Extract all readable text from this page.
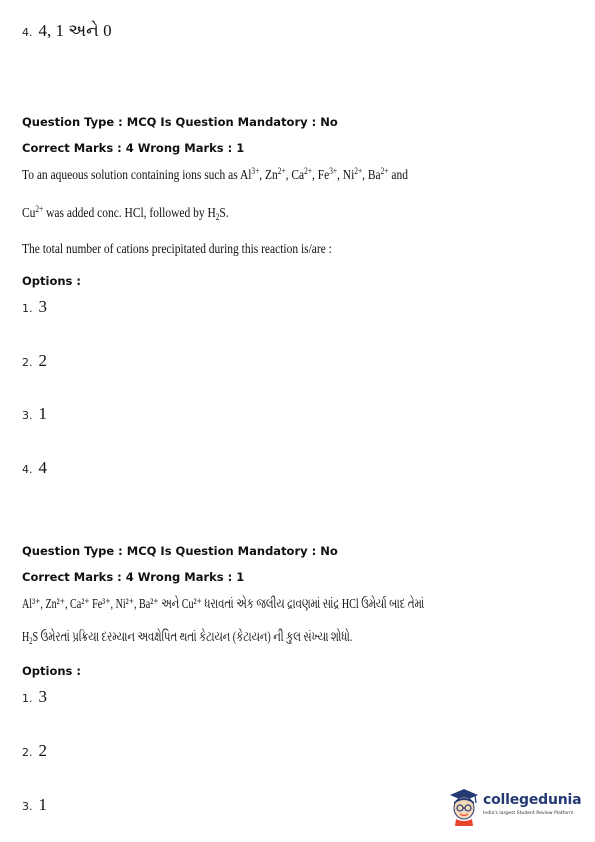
4. 4, 1 અને 0
Question Type : MCQ Is Question Mandatory : No
Correct Marks : 4 Wrong Marks : 1
To an aqueous solution containing ions such as $Al^{3+}$, $Zn^{2+}$, $Ca^{2+}$, $Fe^{3+}$, $Ni^{2+}$, $Ba^{2+}$ and
$Cu^{2+}$ was added conc. HCl, followed by $H_2S$.
The total number of cations precipitated during this reaction is/are :
Options :
1. 3
2. 2
3. 1
4. 4
Question Type : MCQ Is Question Mandatory : No
Correct Marks : 4 Wrong Marks : 1
Al³⁺, Zn²⁺, Ca²⁺ Fe³⁺, Ni²⁺, Ba²⁺ અને Cu²⁺ ધરાવતાં એક જલીય દ્રાવણમાં સાંદ્ર HCl ઉમેર્યા બાદ તેમાં
$H_2S$ ઉમેરતાં પ્રક્રિયા દરમ્યાન અવક્ષેપિત થતાં કેટાયન (કેટાયન) ની કુલ સંખ્યા શોધો.
Options :
1. 3
2. 2
3. 1	collegedunia
India's largest Student Review Platform
